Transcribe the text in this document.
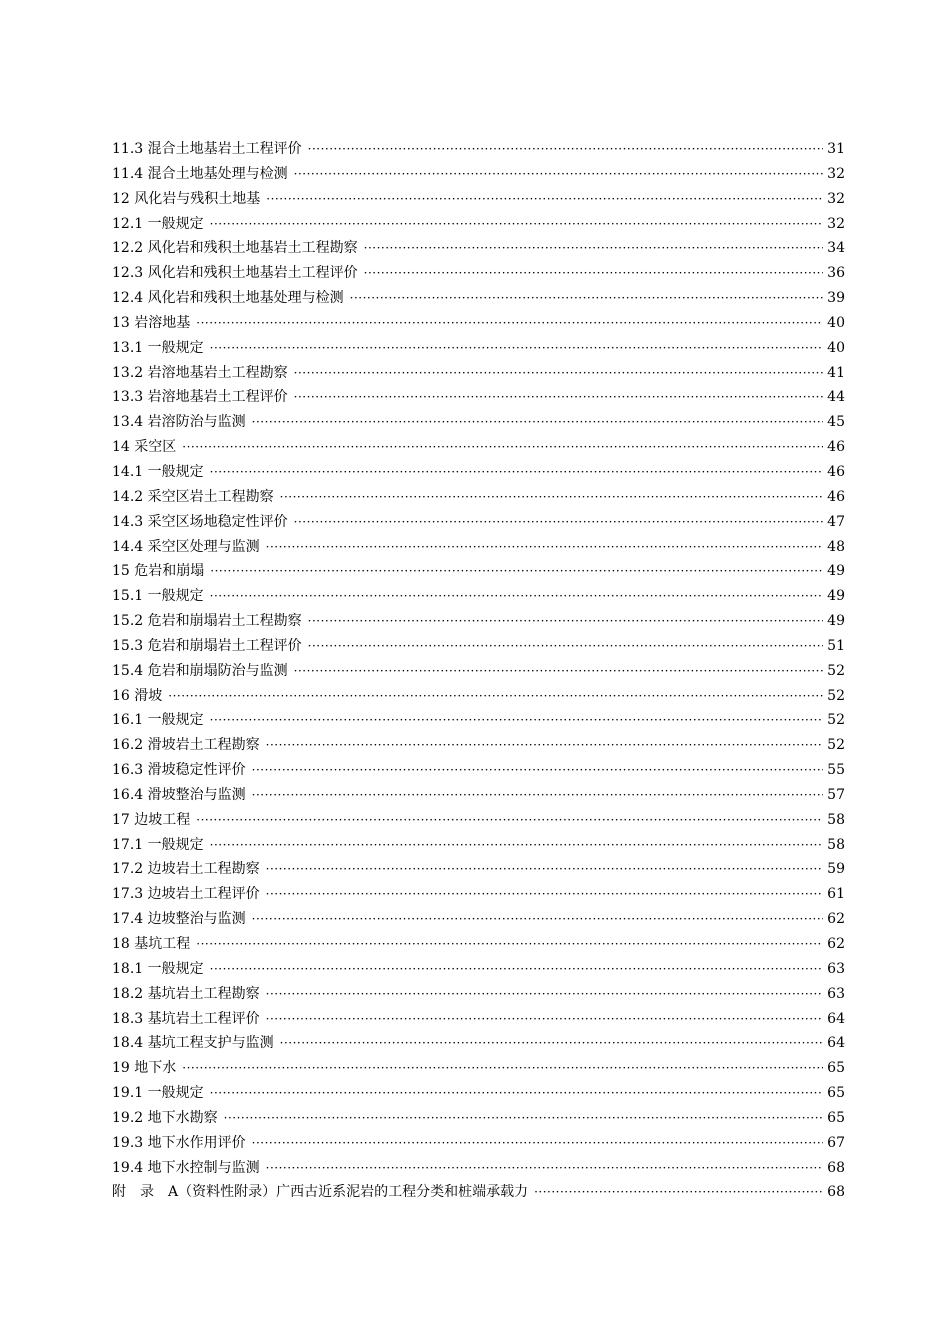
11.3 混合土地基岩土工程评价 ·····	31
11.4 混合土地基处理与检测 ·····	32
12 风化岩与残积土地基 ·····	32
12.1 一般规定 ·····	32
12.2 风化岩和残积土地基岩土工程勘察 ·····	34
12.3 风化岩和残积土地基岩土工程评价 ·····	36
12.4 风化岩和残积土地基处理与检测 ·····	39
13 岩溶地基 ·····	40
13.1 一般规定 ·····	40
13.2 岩溶地基岩土工程勘察 ·····	41
13.3 岩溶地基岩土工程评价 ·····	44
13.4 岩溶防治与监测 ·····	45
14 采空区 ·····	46
14.1 一般规定 ·····	46
14.2 采空区岩土工程勘察 ·····	46
14.3 采空区场地稳定性评价 ·····	47
14.4 采空区处理与监测 ·····	48
15 危岩和崩塌 ·····	49
15.1 一般规定 ·····	49
15.2 危岩和崩塌岩土工程勘察 ·····	49
15.3 危岩和崩塌岩土工程评价 ·····	51
15.4 危岩和崩塌防治与监测 ·····	52
16 滑坡 ·····	52
16.1 一般规定 ·····	52
16.2 滑坡岩土工程勘察 ·····	52
16.3 滑坡稳定性评价 ·····	55
16.4 滑坡整治与监测 ·····	57
17 边坡工程 ·····	58
17.1 一般规定 ·····	58
17.2 边坡岩土工程勘察 ·····	59
17.3 边坡岩土工程评价 ·····	61
17.4 边坡整治与监测 ·····	62
18 基坑工程 ·····	62
18.1 一般规定 ·····	63
18.2 基坑岩土工程勘察 ·····	63
18.3 基坑岩土工程评价 ·····	64
18.4 基坑工程支护与监测 ·····	64
19 地下水 ·····	65
19.1 一般规定 ·····	65
19.2 地下水勘察 ·····	65
19.3 地下水作用评价 ·····	67
19.4 地下水控制与监测 ·····	68
附　录　A（资料性附录）广西古近系泥岩的工程分类和桩端承载力 ·····	68
